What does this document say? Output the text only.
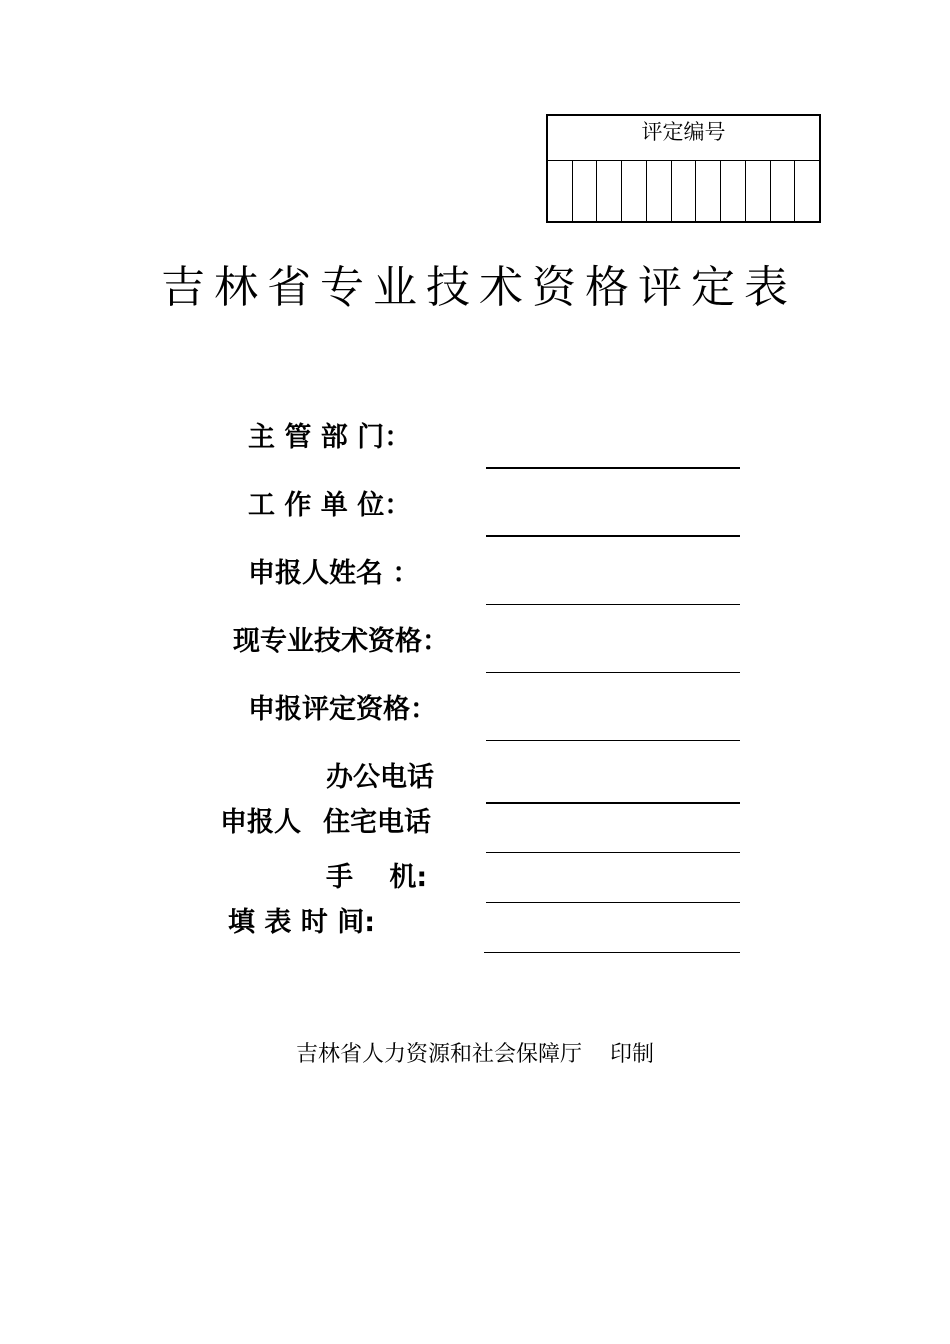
评定编号
吉林省专业技术资格评定表
主 管 部 门：
工 作 单 位：
申报人姓名 ：
现专业技术资格：
申报评定资格：
办公电话
申报人 住宅电话
手　 机:
填 表 时 间:
吉林省人力资源和社会保障厅    印制
